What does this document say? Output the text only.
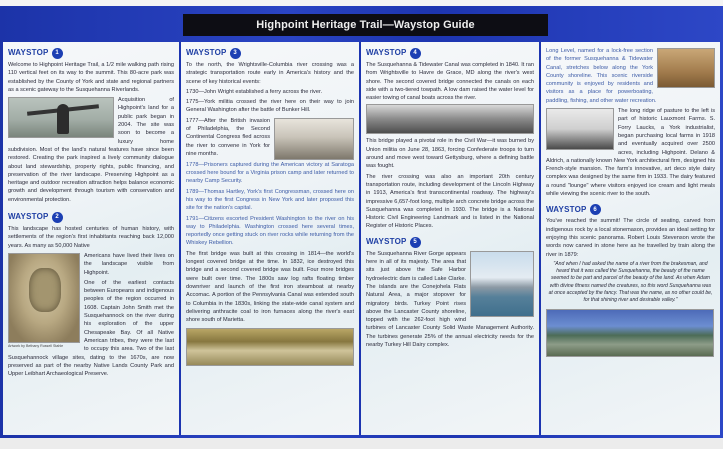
Highpoint Heritage Trail—Waystop Guide
WAYSTOP	1

Welcome to Highpoint Heritage Trail, a 1/2 mile walking path rising 110 vertical feet on its way to the summit. This 80-acre park was established by the County of York and state and regional partners as a scenic gateway to the Susquehanna Riverlands.

Acquisition of Highpoint's land for a public park began in 2004. The site was soon to become a luxury home subdivision. Most of the land's natural features have since been restored. Creating the park inspired a lively community dialogue about land stewardship, property rights, public financing, and preservation of the river landscape. Preserving Highpoint as a heritage and outdoor recreation attraction helps balance economic growth and development through tourism with conservation and environmental protection.

WAYSTOP	2

This landscape has hosted centuries of human history, with settlements of the region's first inhabitants reaching back 12,000 years. As many as 50,000 Native

Artwork by Bethany Russell Stahle

Americans have lived their lives on the landscape visible from Highpoint.

One of the earliest contacts between Europeans and indigenous peoples of the region occurred in 1608. Captain John Smith met the Susquehannock on the river during his exploration of the upper Chesapeake Bay. Of all Native American tribes, they were the last to occupy this area. Two of the last Susquehannock village sites, dating to the 1670s, are now preserved as part of the nearby Native Lands County Park and Upper Leibhart Archaeological Preserve.

WAYSTOP	3

To the north, the Wrightsville-Columbia river crossing was a strategic transportation route early in America's history and the scene of key historical events:

1730—John Wright established a ferry across the river.

1775—York militia crossed the river here on their way to join General Washington after the battle of Bunker Hill.

1777—After the British invasion of Philadelphia, the Second Continental Congress fled across the river to convene in York for nine months.

1778—Prisoners captured during the American victory at Saratoga crossed here bound for a Virginia prison camp and later returned to nearby Camp Security.

1789—Thomas Hartley, York's first Congressman, crossed here on his way to the first Congress in New York and later proposed this site for the nation's capital.

1791—Citizens escorted President Washington to the river on his way to Philadelphia. Washington crossed here several times, reportedly once getting stuck on river rocks while returning from the Whiskey Rebellion.

The first bridge was built at this crossing in 1814—the world's longest covered bridge at the time. In 1832, ice destroyed this bridge and a second covered bridge was built. Four more bridges were built over time. The 1800s saw log rafts floating timber downriver and launch of the first iron steamboat at nearby Accomac. A portion of the Pennsylvania Canal was extended south to Columbia in the 1830s, linking the state-wide canal system and delivering anthracite coal to iron furnaces along the river's east shore south of Marietta.

WAYSTOP	4

The Susquehanna & Tidewater Canal was completed in 1840. It ran from Wrightsville to Havre de Grace, MD along the river's west shore. The second covered bridge connected the canals on each side with a two-tiered towpath. A low dam raised the water level for easier towing of canal boats across the river.

This bridge played a pivotal role in the Civil War—it was burned by Union militia on June 28, 1863, forcing Confederate troops to turn around and move west toward Gettysburg, where a defining battle was fought.

The river crossing was also an important 20th century transportation route, including development of the Lincoln Highway in 1913, America's first transcontinental roadway. The highway's impressive 6,657-foot long, multiple arch concrete bridge across the Susquehanna was completed in 1930. The bridge is a National Historic Civil Engineering Landmark and is listed in the National Register of Historic Places.

WAYSTOP	5

The Susquehanna River Gorge appears here in all of its majesty. The area that sits just above the Safe Harbor hydroelectric dam is called Lake Clarke. The islands are the Conejohela Flats Natural Area, a major stopover for migratory birds. Turkey Point rises above the Lancaster County shoreline, topped with the 262-foot high wind turbines of Lancaster County Solid Waste Management Authority. The turbines generate 25% of the annual electricity needs for the nearby Turkey Hill Dairy complex.

Long Level, named for a lock-free section of the former Susquehanna & Tidewater Canal, stretches below along the York County shoreline. This scenic riverside community is enjoyed by residents and visitors as a place for powerboating, paddling, fishing, and other water recreation.

The long ridge of pasture to the left is part of historic Lauxmont Farms. S. Forry Laucks, a York industrialist, began purchasing local farms in 1918 and eventually acquired over 2500 acres, including Highpoint. Delano & Aldrich, a nationally known New York architectural firm, designed his French-style mansion. The farm's innovative, art deco style dairy complex was designed by the same firm in 1933. The dairy featured a round "lounge" where visitors enjoyed ice cream and light meals while viewing the scenic river to the south.

WAYSTOP	6

You've reached the summit! The circle of seating, carved from indigenous rock by a local stonemason, provides an ideal setting for enjoying this scenic panorama. Robert Louis Stevenson wrote the words now carved in stone here as he travelled by train along the river in 1879:

"And when I had asked the name of a river from the brakesman, and heard that it was called the Susquehanna, the beauty of the name seemed to be part and parcel of the beauty of the land. As when Adam with divine fitness named the creatures, so this word Susquehanna was at once accepted by the fancy. That was the name, as no other could be, for that shining river and desirable valley."
